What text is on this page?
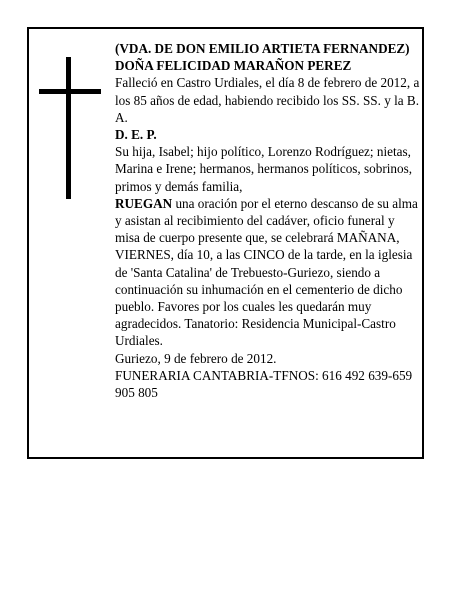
(VDA. DE DON EMILIO ARTIETA FERNANDEZ)

DOÑA FELICIDAD MARAÑON PEREZ

Falleció en Castro Urdiales, el día 8 de febrero de 2012, a los 85 años de edad, habiendo recibido los SS. SS. y la B. A.

D. E. P.

Su hija, Isabel; hijo político, Lorenzo Rodríguez; nietas, Marina e Irene; hermanos, hermanos políticos, sobrinos, primos y demás familia,

RUEGAN una oración por el eterno descanso de su alma y asistan al recibimiento del cadáver, oficio funeral y misa de cuerpo presente que, se celebrará MAÑANA, VIERNES, día 10, a las CINCO de la tarde, en la iglesia de 'Santa Catalina' de Trebuesto-Guriezo, siendo a continuación su inhumación en el cementerio de dicho pueblo. Favores por los cuales les quedarán muy agradecidos. Tanatorio: Residencia Municipal-Castro Urdiales.

Guriezo, 9 de febrero de 2012.

FUNERARIA CANTABRIA-TFNOS: 616 492 639-659 905 805
